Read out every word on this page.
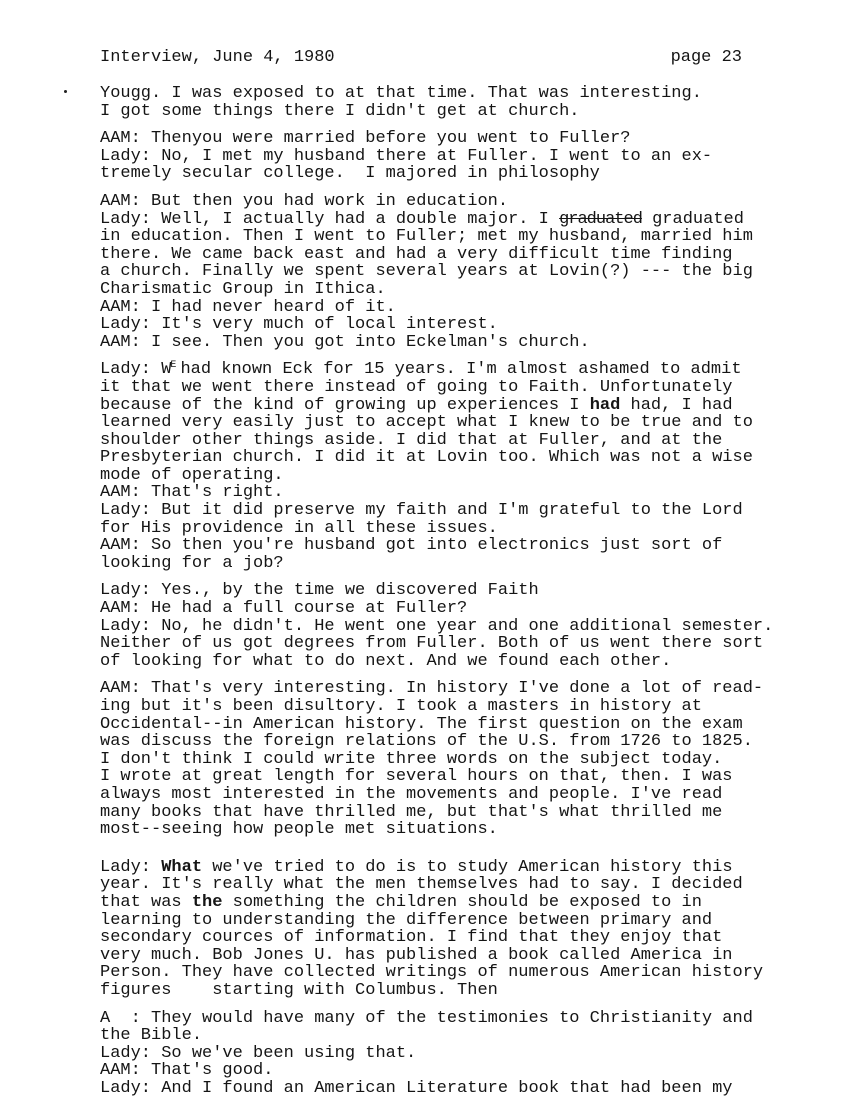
Interview, June 4, 1980	page 23
Yougg. I was exposed to at that time. That was interesting.
I got some things there I didn't get at church.
AAM: Thenyou were married before you went to Fuller?
Lady: No, I met my husband there at Fuller. I went to an ex-
tremely secular college.  I majored in philosophy
AAM: But then you had work in education.
Lady: Well, I actually had a double major. I graduated graduated
in education. Then I went to Fuller; met my husband, married him
there. We came back east and had a very difficult time finding
a church. Finally we spent several years at Lovin(?) --- the big
Charismatic Group in Ithica.
AAM: I had never heard of it.
Lady: It's very much of local interest.
AAM: I see. Then you got into Eckelman's church.
Lady: WE had known Eck for 15 years. I'm almost ashamed to admit
it that we went there instead of going to Faith. Unfortunately
because of the kind of growing up experiences I had had, I had
learned very easily just to accept what I knew to be true and to
shoulder other things aside. I did that at Fuller, and at the
Presbyterian church. I did it at Lovin too. Which was not a wise
mode of operating.
AAM: That's right.
Lady: But it did preserve my faith and I'm grateful to the Lord
for His providence in all these issues.
AAM: So then you're husband got into electronics just sort of
looking for a job?
Lady: Yes., by the time we discovered Faith
AAM: He had a full course at Fuller?
Lady: No, he didn't. He went one year and one additional semester.
Neither of us got degrees from Fuller. Both of us went there sort
of looking for what to do next. And we found each other.
AAM: That's very interesting. In history I've done a lot of read-
ing but it's been disultory. I took a masters in history at
Occidental--in American history. The first question on the exam
was discuss the foreign relations of the U.S. from 1726 to 1825.
I don't think I could write three words on the subject today.
I wrote at great length for several hours on that, then. I was
always most interested in the movements and people. I've read
many books that have thrilled me, but that's what thrilled me
most--seeing how people met situations.
Lady: What we've tried to do is to study American history this
year. It's really what the men themselves had to say. I decided
that was the something the children should be exposed to in
learning to understanding the difference between primary and
secondary cources of information. I find that they enjoy that
very much. Bob Jones U. has published a book called America in
Person. They have collected writings of numerous American history
figures    starting with Columbus. Then
A  : They would have many of the testimonies to Christianity and
the Bible.
Lady: So we've been using that.
AAM: That's good.
Lady: And I found an American Literature book that had been my
